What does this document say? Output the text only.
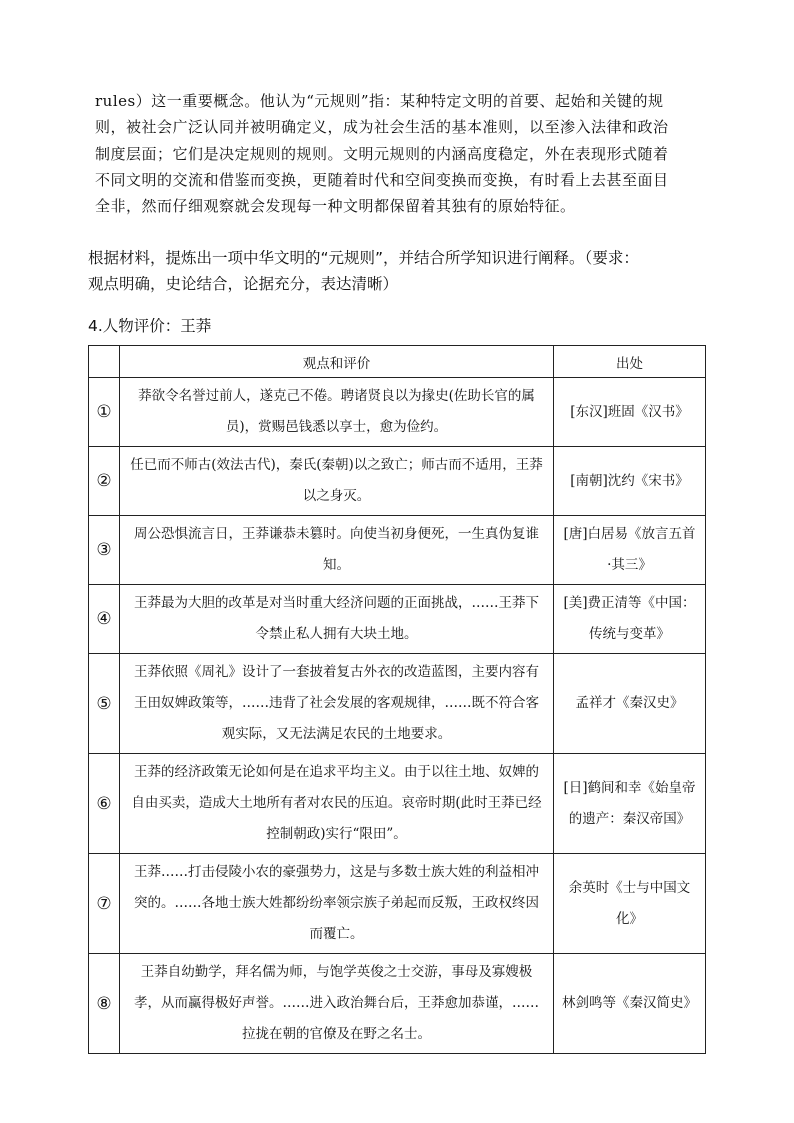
rules）这一重要概念。他认为“元规则”指：某种特定文明的首要、起始和关键的规

则，被社会广泛认同并被明确定义，成为社会生活的基本准则，以至渗入法律和政治

制度层面；它们是决定规则的规则。文明元规则的内涵高度稳定，外在表现形式随着

不同文明的交流和借鉴而变换，更随着时代和空间变换而变换，有时看上去甚至面目

全非，然而仔细观察就会发现每一种文明都保留着其独有的原始特征。

根据材料，提炼出一项中华文明的“元规则”，并结合所学知识进行阐释。（要求：

观点明确，史论结合，论据充分，表达清晰）

4.人物评价：王莽
	观点和评价	出处
①	莽欲令名誉过前人，遂克己不倦。聘诸贤良以为掾史(佐助长官的属员)，赏赐邑钱悉以享士，愈为俭约。	[东汉]班固《汉书》
②	任已而不师古(效法古代)，秦氏(秦朝)以之致亡；师古而不适用，王莽以之身灭。	[南朝]沈约《宋书》
③	周公恐惧流言日，王莽谦恭未篡时。向使当初身便死，一生真伪复谁知。	[唐]白居易《放言五首·其三》
④	王莽最为大胆的改革是对当时重大经济问题的正面挑战，……王莽下令禁止私人拥有大块土地。	[美]费正清等《中国：传统与变革》
⑤	王莽依照《周礼》设计了一套披着复古外衣的改造蓝图，主要内容有王田奴婢政策等，……违背了社会发展的客观规律，……既不符合客观实际，又无法满足农民的土地要求。	孟祥才《秦汉史》
⑥	王莽的经济政策无论如何是在追求平均主义。由于以往土地、奴婢的自由买卖，造成大土地所有者对农民的压迫。哀帝时期(此时王莽已经控制朝政)实行“限田”。	[日]鹤间和幸《始皇帝的遗产：秦汉帝国》
⑦	王莽……打击侵陵小农的豪强势力，这是与多数士族大姓的利益相冲突的。……各地士族大姓都纷纷率领宗族子弟起而反叛，王政权终因而覆亡。	余英时《士与中国文化》
⑧	王莽自幼勤学，拜名儒为师，与饱学英俊之士交游，事母及寡嫂极孝，从而赢得极好声誉。……进入政治舞台后，王莽愈加恭谨，……拉拢在朝的官僚及在野之名士。	林剑鸣等《秦汉简史》
